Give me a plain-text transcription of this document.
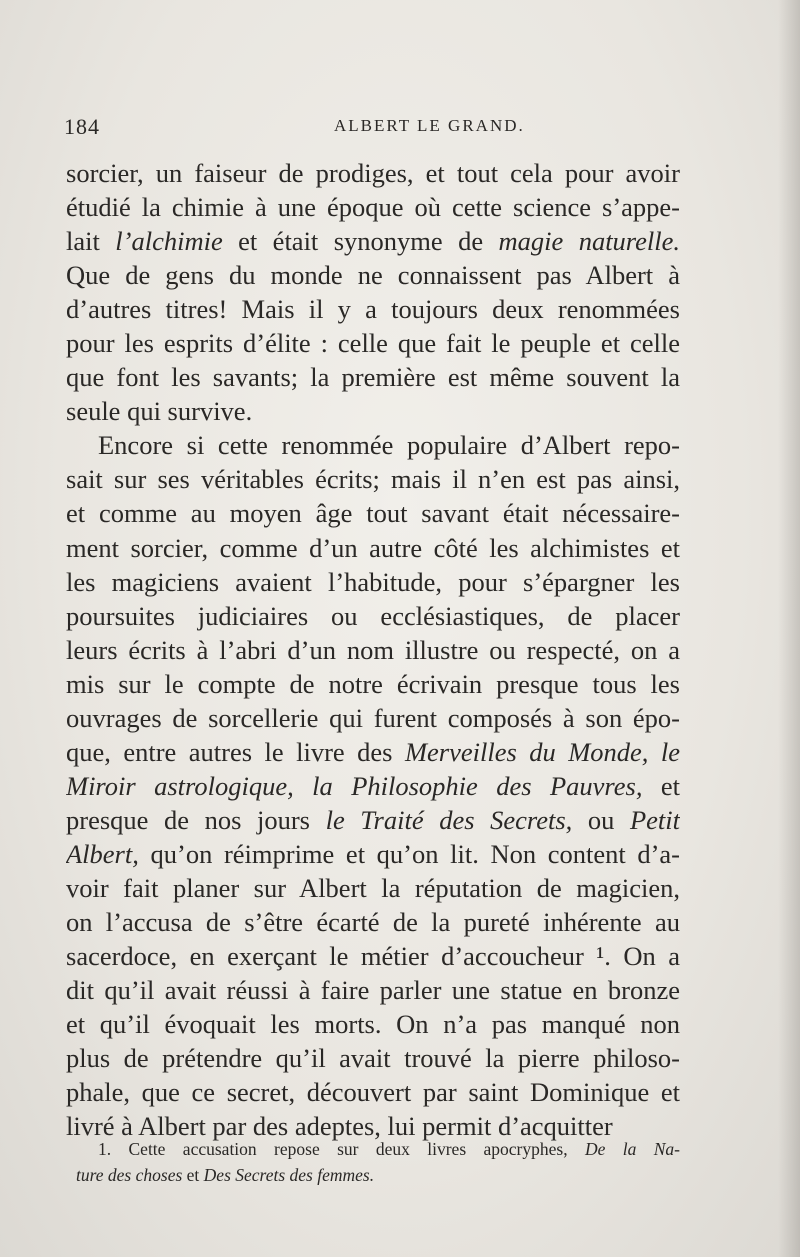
184	ALBERT LE GRAND.
sorcier, un faiseur de prodiges, et tout cela pour avoir
étudié la chimie à une époque où cette science s’appe-
lait l’alchimie et était synonyme de magie naturelle.
Que de gens du monde ne connaissent pas Albert à
d’autres titres! Mais il y a toujours deux renommées
pour les esprits d’élite : celle que fait le peuple et celle
que font les savants; la première est même souvent la
seule qui survive.
Encore si cette renommée populaire d’Albert repo-
sait sur ses véritables écrits; mais il n’en est pas ainsi,
et comme au moyen âge tout savant était nécessaire-
ment sorcier, comme d’un autre côté les alchimistes et
les magiciens avaient l’habitude, pour s’épargner les
poursuites judiciaires ou ecclésiastiques, de placer
leurs écrits à l’abri d’un nom illustre ou respecté, on a
mis sur le compte de notre écrivain presque tous les
ouvrages de sorcellerie qui furent composés à son épo-
que, entre autres le livre des Merveilles du Monde, le
Miroir astrologique, la Philosophie des Pauvres, et
presque de nos jours le Traité des Secrets, ou Petit
Albert, qu’on réimprime et qu’on lit. Non content d’a-
voir fait planer sur Albert la réputation de magicien,
on l’accusa de s’être écarté de la pureté inhérente au
sacerdoce, en exerçant le métier d’accoucheur ¹. On a
dit qu’il avait réussi à faire parler une statue en bronze
et qu’il évoquait les morts. On n’a pas manqué non
plus de prétendre qu’il avait trouvé la pierre philoso-
phale, que ce secret, découvert par saint Dominique et
livré à Albert par des adeptes, lui permit d’acquitter
1. Cette accusation repose sur deux livres apocryphes, De la Na-
ture des choses et Des Secrets des femmes.
